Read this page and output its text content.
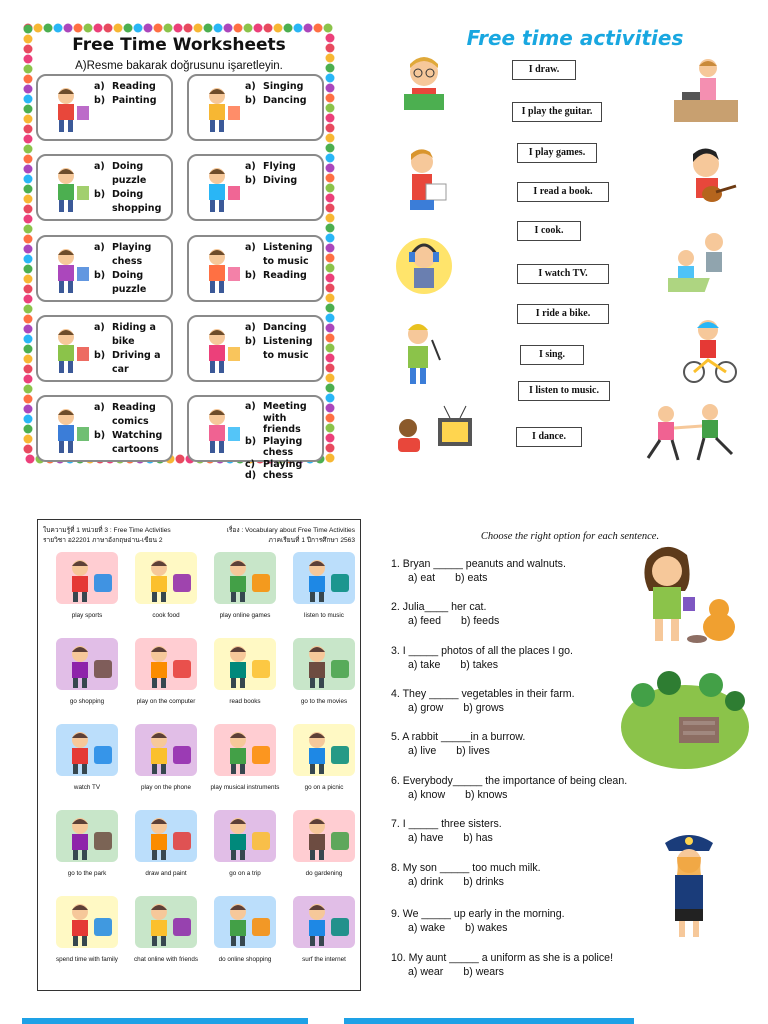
Free Time Worksheets
A)Resme bakarak doğrusunu işaretleyin.
a) Reading
b) Painting
a) Singing
b) Dancing
a) Doing puzzle
b) Doing shopping
a) Flying
b) Diving
a) Playing chess
b) Doing puzzle
a) Listening to music
b) Reading
a) Riding a bike
b) Driving a car
a) Dancing
b) Listening to music
a) Reading comics
b) Watching cartoons
a) Meeting with friends
b) Playing chess
c) Playing
d) chess
Free time activities
I draw.
I play the guitar.
I play games.
I read a book.
I cook.
I watch TV.
I ride a bike.
I sing.
I listen to music.
I dance.
ใบความรู้ที่ 1 หน่วยที่ 3 : Free Time Activities	เรื่อง : Vocabulary about Free Time Activities
รายวิชา อ22201 ภาษาอังกฤษอ่าน-เขียน 2	ภาคเรียนที่ 1 ปีการศึกษา 2563
play sports	cook food	play online games	listen to music
go shopping	play on the computer	read books	go to the movies
watch TV	play on the phone	play musical instruments	go on a picnic
go to the park	draw and paint	go on a trip	do gardening
spend time with family	chat online with friends	do online shopping	surf the internet
Choose the right option for each sentence.
1. Bryan _____ peanuts and walnuts.
a) eat b) eats
2. Julia____ her cat.
a) feed b) feeds
3. I _____ photos of all the places I go.
a) take b) takes
4. They _____ vegetables in their farm.
a) grow b) grows
5. A rabbit _____in a burrow.
a) live b) lives
6. Everybody_____ the importance of being clean.
a) know b) knows
7. I _____ three sisters.
a) have b) has
8. My son _____ too much milk.
a) drink b) drinks
9. We _____ up early in the morning.
a) wake b) wakes
10. My aunt _____ a uniform as she is a police!
a) wear b) wears
